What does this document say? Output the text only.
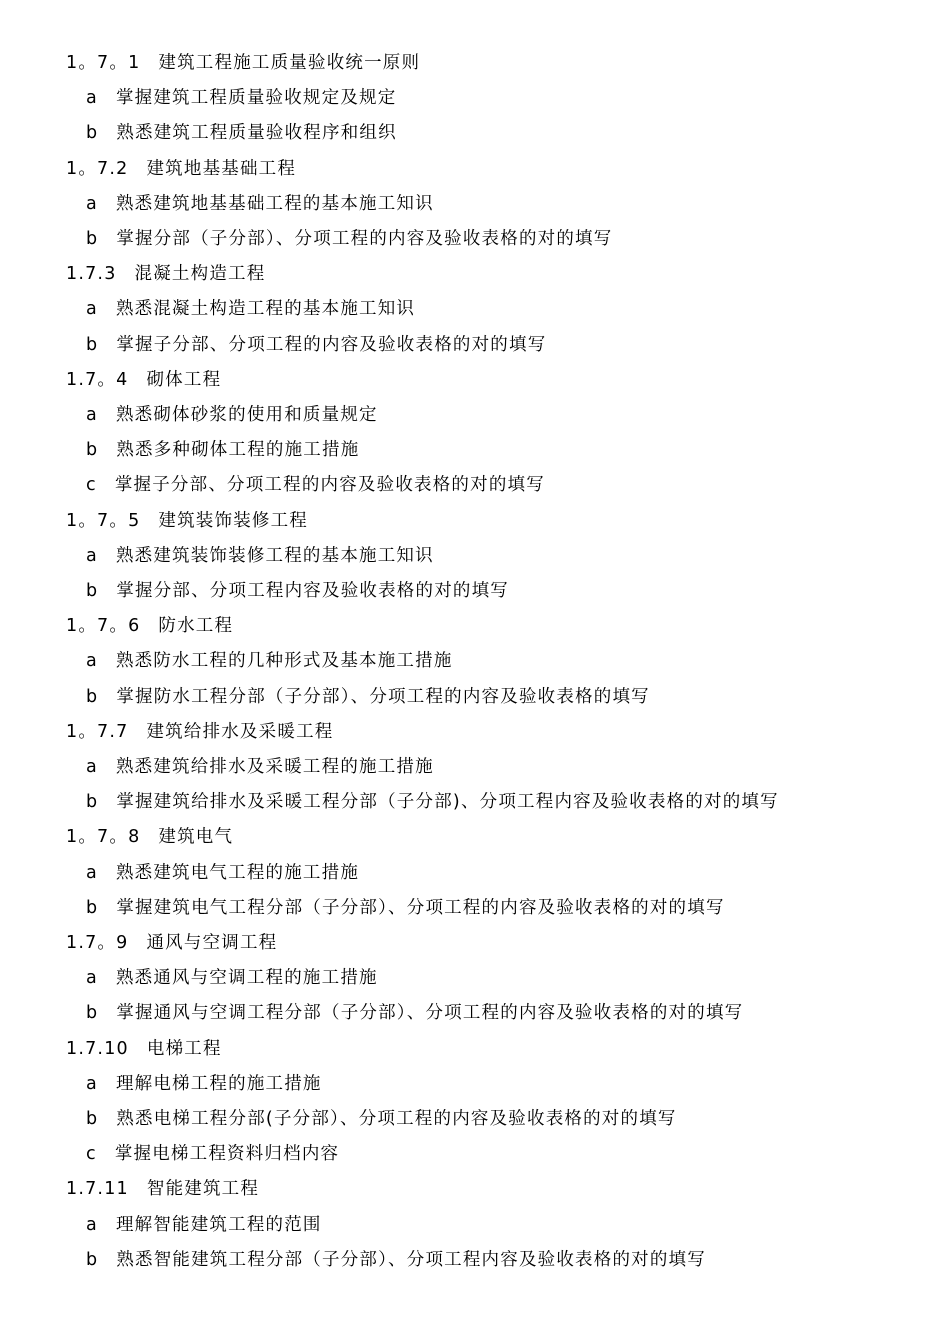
1。7。1 建筑工程施工质量验收统一原则
a 掌握建筑工程质量验收规定及规定
b 熟悉建筑工程质量验收程序和组织
1。7.2 建筑地基基础工程
a 熟悉建筑地基基础工程的基本施工知识
b 掌握分部（子分部）、分项工程的内容及验收表格的对的填写
1.7.3 混凝土构造工程
a 熟悉混凝土构造工程的基本施工知识
b 掌握子分部、分项工程的内容及验收表格的对的填写
1.7。4 砌体工程
a 熟悉砌体砂浆的使用和质量规定
b 熟悉多种砌体工程的施工措施
c 掌握子分部、分项工程的内容及验收表格的对的填写
1。7。5 建筑装饰装修工程
a 熟悉建筑装饰装修工程的基本施工知识
b 掌握分部、分项工程内容及验收表格的对的填写
1。7。6 防水工程
a 熟悉防水工程的几种形式及基本施工措施
b 掌握防水工程分部（子分部）、分项工程的内容及验收表格的填写
1。7.7 建筑给排水及采暖工程
a 熟悉建筑给排水及采暖工程的施工措施
b 掌握建筑给排水及采暖工程分部（子分部)、分项工程内容及验收表格的对的填写
1。7。8 建筑电气
a 熟悉建筑电气工程的施工措施
b 掌握建筑电气工程分部（子分部）、分项工程的内容及验收表格的对的填写
1.7。9 通风与空调工程
a 熟悉通风与空调工程的施工措施
b 掌握通风与空调工程分部（子分部）、分项工程的内容及验收表格的对的填写
1.7.10 电梯工程
a 理解电梯工程的施工措施
b 熟悉电梯工程分部(子分部）、分项工程的内容及验收表格的对的填写
c 掌握电梯工程资料归档内容
1.7.11 智能建筑工程
a 理解智能建筑工程的范围
b 熟悉智能建筑工程分部（子分部）、分项工程内容及验收表格的对的填写
